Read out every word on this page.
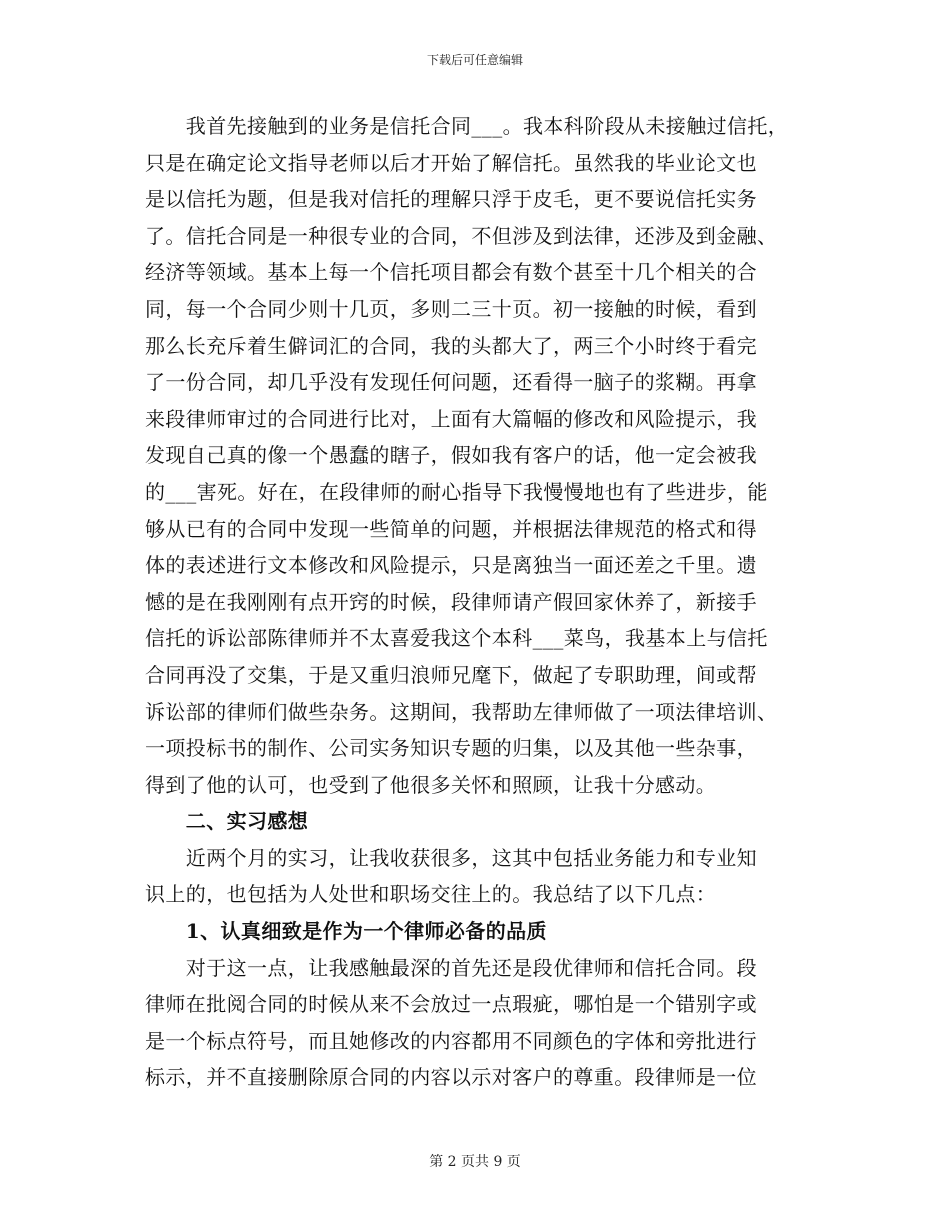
下载后可任意编辑
　　我首先接触到的业务是信托合同___。我本科阶段从未接触过信托，
只是在确定论文指导老师以后才开始了解信托。虽然我的毕业论文也
是以信托为题，但是我对信托的理解只浮于皮毛，更不要说信托实务
了。信托合同是一种很专业的合同，不但涉及到法律，还涉及到金融、
经济等领域。基本上每一个信托项目都会有数个甚至十几个相关的合
同，每一个合同少则十几页，多则二三十页。初一接触的时候，看到
那么长充斥着生僻词汇的合同，我的头都大了，两三个小时终于看完
了一份合同，却几乎没有发现任何问题，还看得一脑子的浆糊。再拿
来段律师审过的合同进行比对，上面有大篇幅的修改和风险提示，我
发现自己真的像一个愚蠢的瞎子，假如我有客户的话，他一定会被我
的___害死。好在，在段律师的耐心指导下我慢慢地也有了些进步，能
够从已有的合同中发现一些简单的问题，并根据法律规范的格式和得
体的表述进行文本修改和风险提示，只是离独当一面还差之千里。遗
憾的是在我刚刚有点开窍的时候，段律师请产假回家休养了，新接手
信托的诉讼部陈律师并不太喜爱我这个本科___菜鸟，我基本上与信托
合同再没了交集，于是又重归浪师兄麾下，做起了专职助理，间或帮
诉讼部的律师们做些杂务。这期间，我帮助左律师做了一项法律培训、
一项投标书的制作、公司实务知识专题的归集，以及其他一些杂事，
得到了他的认可，也受到了他很多关怀和照顾，让我十分感动。
　　二、实习感想
　　近两个月的实习，让我收获很多，这其中包括业务能力和专业知
识上的，也包括为人处世和职场交往上的。我总结了以下几点：
　　1、认真细致是作为一个律师必备的品质
　　对于这一点，让我感触最深的首先还是段优律师和信托合同。段
律师在批阅合同的时候从来不会放过一点瑕疵，哪怕是一个错别字或
是一个标点符号，而且她修改的内容都用不同颜色的字体和旁批进行
标示，并不直接删除原合同的内容以示对客户的尊重。段律师是一位
第 2 页共 9 页
